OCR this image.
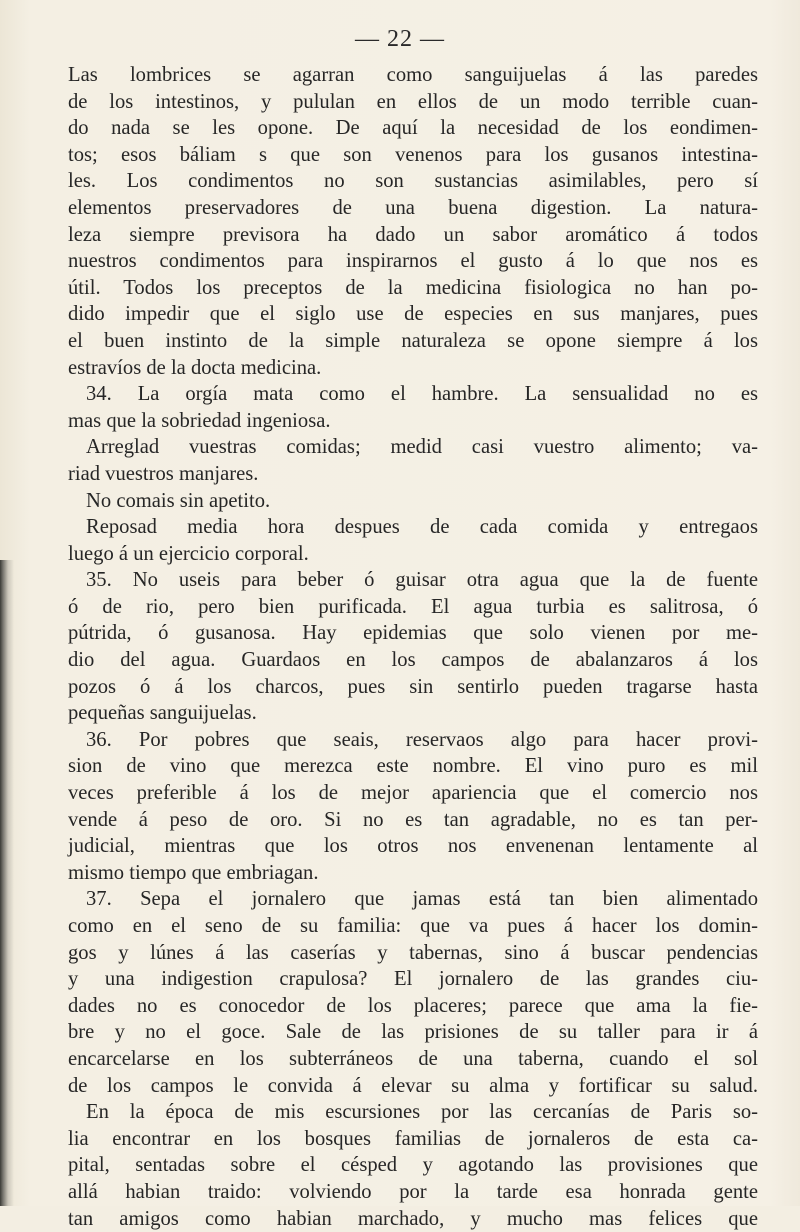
— 22 —
Las lombrices se agarran como sanguijuelas á las paredes
de los intestinos, y pululan en ellos de un modo terrible cuan-
do nada se les opone. De aquí la necesidad de los eondimen-
tos; esos báliam s que son venenos para los gusanos intestina-
les. Los condimentos no son sustancias asimilables, pero sí
elementos preservadores de una buena digestion. La natura-
leza siempre previsora ha dado un sabor aromático á todos
nuestros condimentos para inspirarnos el gusto á lo que nos es
útil. Todos los preceptos de la medicina fisiologica no han po-
dido impedir que el siglo use de especies en sus manjares, pues
el buen instinto de la simple naturaleza se opone siempre á los
estravíos de la docta medicina.
34. La orgía mata como el hambre. La sensualidad no es
mas que la sobriedad ingeniosa.
Arreglad vuestras comidas; medid casi vuestro alimento; va-
riad vuestros manjares.
No comais sin apetito.
Reposad media hora despues de cada comida y entregaos
luego á un ejercicio corporal.
35. No useis para beber ó guisar otra agua que la de fuente
ó de rio, pero bien purificada. El agua turbia es salitrosa, ó
pútrida, ó gusanosa. Hay epidemias que solo vienen por me-
dio del agua. Guardaos en los campos de abalanzaros á los
pozos ó á los charcos, pues sin sentirlo pueden tragarse hasta
pequeñas sanguijuelas.
36. Por pobres que seais, reservaos algo para hacer provi-
sion de vino que merezca este nombre. El vino puro es mil
veces preferible á los de mejor apariencia que el comercio nos
vende á peso de oro. Si no es tan agradable, no es tan per-
judicial, mientras que los otros nos envenenan lentamente al
mismo tiempo que embriagan.
37. Sepa el jornalero que jamas está tan bien alimentado
como en el seno de su familia: que va pues á hacer los domin-
gos y lúnes á las caserías y tabernas, sino á buscar pendencias
y una indigestion crapulosa? El jornalero de las grandes ciu-
dades no es conocedor de los placeres; parece que ama la fie-
bre y no el goce. Sale de las prisiones de su taller para ir á
encarcelarse en los subterráneos de una taberna, cuando el sol
de los campos le convida á elevar su alma y fortificar su salud.
En la época de mis escursiones por las cercanías de Paris so-
lia encontrar en los bosques familias de jornaleros de esta ca-
pital, sentadas sobre el césped y agotando las provisiones que
allá habian traido: volviendo por la tarde esa honrada gente
tan amigos como habian marchado, y mucho mas felices que
